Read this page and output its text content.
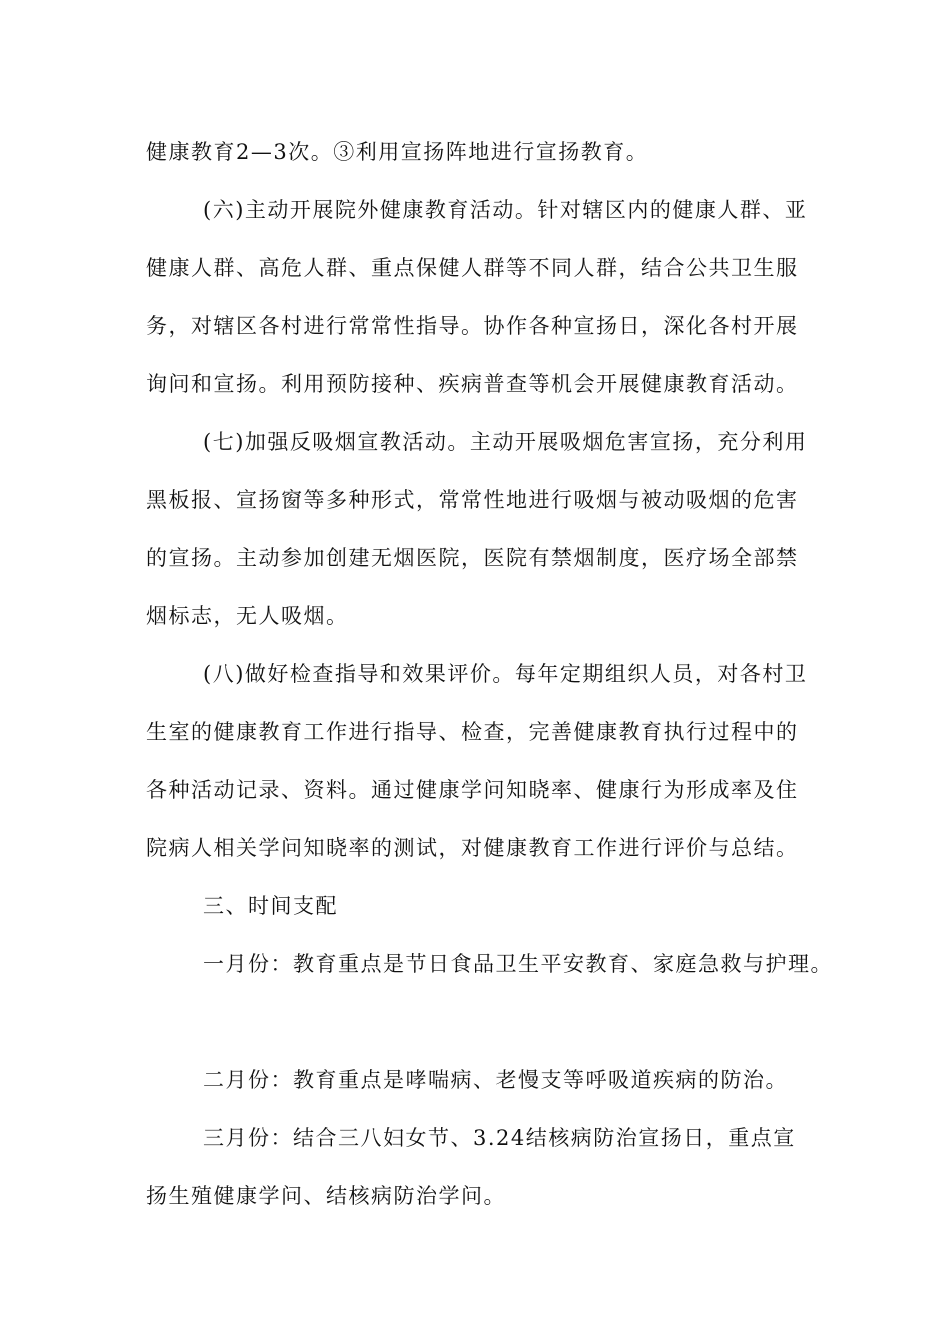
健康教育2—3次。③利用宣扬阵地进行宣扬教育。
(六)主动开展院外健康教育活动。针对辖区内的健康人群、亚
健康人群、高危人群、重点保健人群等不同人群，结合公共卫生服
务，对辖区各村进行常常性指导。协作各种宣扬日，深化各村开展
询问和宣扬。利用预防接种、疾病普查等机会开展健康教育活动。
(七)加强反吸烟宣教活动。主动开展吸烟危害宣扬，充分利用
黑板报、宣扬窗等多种形式，常常性地进行吸烟与被动吸烟的危害
的宣扬。主动参加创建无烟医院，医院有禁烟制度，医疗场全部禁
烟标志，无人吸烟。
(八)做好检查指导和效果评价。每年定期组织人员，对各村卫
生室的健康教育工作进行指导、检查，完善健康教育执行过程中的
各种活动记录、资料。通过健康学问知晓率、健康行为形成率及住
院病人相关学问知晓率的测试，对健康教育工作进行评价与总结。
三、时间支配
一月份：教育重点是节日食品卫生平安教育、家庭急救与护理。
二月份：教育重点是哮喘病、老慢支等呼吸道疾病的防治。
三月份：结合三八妇女节、3.24结核病防治宣扬日，重点宣
扬生殖健康学问、结核病防治学问。
